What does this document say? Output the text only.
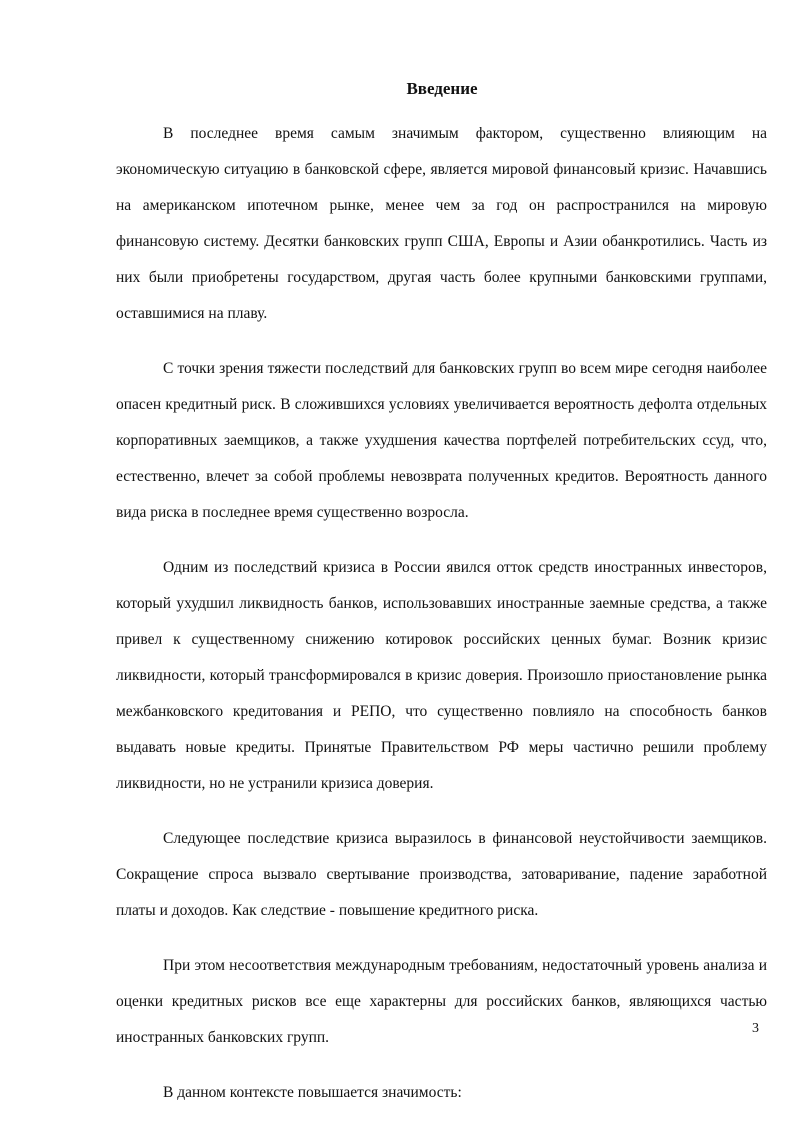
Введение

В последнее время самым значимым фактором, существенно влияющим на экономическую ситуацию в банковской сфере, является мировой финансовый кризис. Начавшись на американском ипотечном рынке, менее чем за год он распространился на мировую финансовую систему. Десятки банковских групп США, Европы и Азии обанкротились. Часть из них были приобретены государством, другая часть более крупными банковскими группами, оставшимися на плаву.

С точки зрения тяжести последствий для банковских групп во всем мире сегодня наиболее опасен кредитный риск. В сложившихся условиях увеличивается вероятность дефолта отдельных корпоративных заемщиков, а также ухудшения качества портфелей потребительских ссуд, что, естественно, влечет за собой проблемы невозврата полученных кредитов. Вероятность данного вида риска в последнее время существенно возросла.

Одним из последствий кризиса в России явился отток средств иностранных инвесторов, который ухудшил ликвидность банков, использовавших иностранные заемные средства, а также привел к существенному снижению котировок российских ценных бумаг. Возник кризис ликвидности, который трансформировался в кризис доверия. Произошло приостановление рынка межбанковского кредитования и РЕПО, что существенно повлияло на способность банков выдавать новые кредиты. Принятые Правительством РФ меры частично решили проблему ликвидности, но не устранили кризиса доверия.

Следующее последствие кризиса выразилось в финансовой неустойчивости заемщиков. Сокращение спроса вызвало свертывание производства, затоваривание, падение заработной платы и доходов. Как следствие - повышение кредитного риска.

При этом несоответствия международным требованиям, недостаточный уровень анализа и оценки кредитных рисков все еще характерны для российских банков, являющихся частью иностранных банковских групп.

В данном контексте повышается значимость:

3
